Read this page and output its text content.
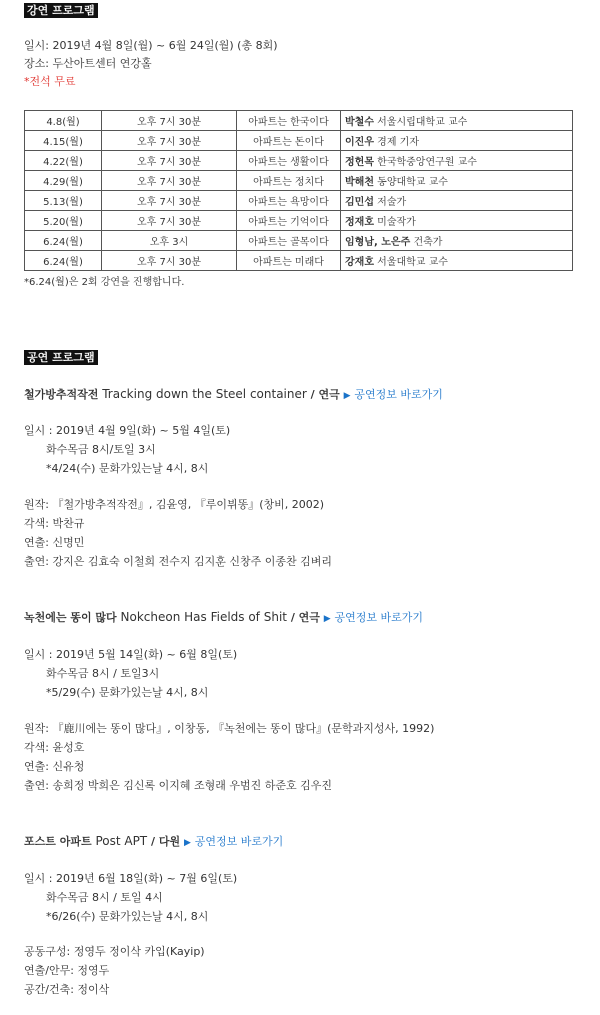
강연 프로그램
일시: 2019년 4월 8일(월) ~ 6월 24일(월) (총 8회)
장소: 두산아트센터 연강홀
*전석 무료
4.8(월)	오후 7시 30분	아파트는 한국이다	박철수 서울시립대학교 교수
4.15(월)	오후 7시 30분	아파트는 돈이다	이진우 경제 기자
4.22(월)	오후 7시 30분	아파트는 생활이다	정헌목 한국학중앙연구원 교수
4.29(월)	오후 7시 30분	아파트는 정치다	박해천 동양대학교 교수
5.13(월)	오후 7시 30분	아파트는 욕망이다	김민섭 저술가
5.20(월)	오후 7시 30분	아파트는 기억이다	정재호 미술작가
6.24(월)	오후 3시	아파트는 골목이다	임형남, 노은주 건축가
6.24(월)	오후 7시 30분	아파트는 미래다	강재호 서울대학교 교수
*6.24(월)은 2회 강연을 진행합니다.
공연 프로그램
철가방추적작전 Tracking down the Steel container / 연극 ▶ 공연정보 바로가기
일시 : 2019년 4월 9일(화) ~ 5월 4일(토)
화수목금 8시/토일 3시
*4/24(수) 문화가있는날 4시, 8시
원작: 『철가방추적작전』, 김윤영, 『루이뷔똥』(창비, 2002)
각색: 박찬규
연출: 신명민
출연: 강지은 김효숙 이철희 전수지 김지훈 신창주 이종찬 김벼리
녹천에는 똥이 많다 Nokcheon Has Fields of Shit / 연극 ▶ 공연정보 바로가기
일시 : 2019년 5월 14일(화) ~ 6월 8일(토)
화수목금 8시 / 토일3시
*5/29(수) 문화가있는날 4시, 8시
원작: 『鹿川에는 똥이 많다』, 이창동, 『녹천에는 똥이 많다』(문학과지성사, 1992)
각색: 윤성호
연출: 신유청
출연: 송희정 박희은 김신록 이지혜 조형래 우범진 하준호 김우진
포스트 아파트 Post APT / 다원 ▶ 공연정보 바로가기
일시 : 2019년 6월 18일(화) ~ 7월 6일(토)
화수목금 8시 / 토일 4시
*6/26(수) 문화가있는날 4시, 8시
공동구성: 정영두 정이삭 카입(Kayip)
연출/안무: 정영두
공간/건축: 정이삭
